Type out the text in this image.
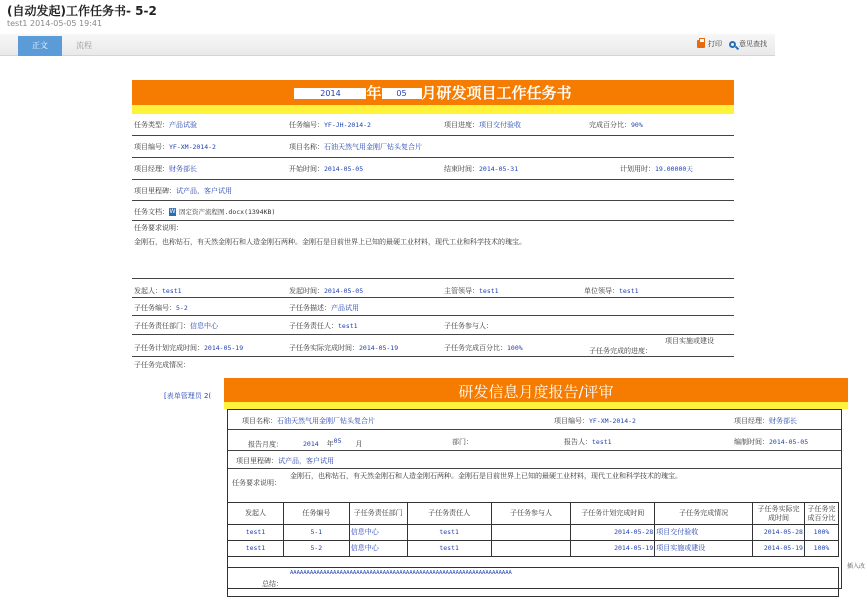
(自动发起)工作任务书- 5-2
test1 2014-05-05 19:41
正文	流程	打印 意见查找
2014 年 05 月研发项目工作任务书
任务类型：产品试验	任务编号：YF-JH-2014-2	项目进度：项目交付验收	完成百分比：90%
项目编号：YF-XM-2014-2	项目名称：石油天然气用金刚厂钻头复合片
项目经理：财务部长	开始时间：2014-05-05	结束时间：2014-05-31	计划用时：19.00000天
项目里程碑：试产品，客户试用
任务文档：W 固定资产流程图.docx(1394KB)
任务要求说明：
金刚石，也称钻石，有天然金刚石和人造金刚石两种。金刚石是目前世界上已知的最硬工业材料，现代工业和科学技术的瑰宝。
发起人：test1	发起时间：2014-05-05	主管领导：test1	单位领导：test1
子任务编号：5-2	子任务描述：产品试用
子任务责任部门：信息中心	子任务责任人：test1	子任务参与人：
子任务计划完成时间：2014-05-19	子任务实际完成时间：2014-05-19	子任务完成百分比：100%	子任务完成的进度：
项目实施或建设
子任务完成情况：
[表单管理员 2(	研发信息月度报告/评审
项目名称：石油天然气用金刚厂钻头复合片	项目编号：YF-XM-2014-2	项目经理：财务部长
报告月度：	2014 年05 月	部门：	报告人：test1	编制时间：2014-05-05
项目里程碑：试产品，客户试用
任务要求说明：
金刚石，也称钻石，有天然金刚石和人造金刚石两种。金刚石是目前世界上已知的最硬工业材料，现代工业和科学技术的瑰宝。
发起人	任务编号	子任务责任部门	子任务责任人	子任务参与人	子任务计划完成时间	子任务完成情况	子任务实际完成时间	子任务完成百分比
test1	5-1	信息中心	test1		2014-05-28	项目交付验收	2014-05-28	100%
test1	5-2	信息中心	test1		2014-05-19	项目实施或建设	2014-05-19	100%
总结：
AAAAAAAAAAAAAAAAAAAAAAAAAAAAAAAAAAAAAAAAAAAAAAAAAAAAAAAAAAAAAAAAAAA
插入改
